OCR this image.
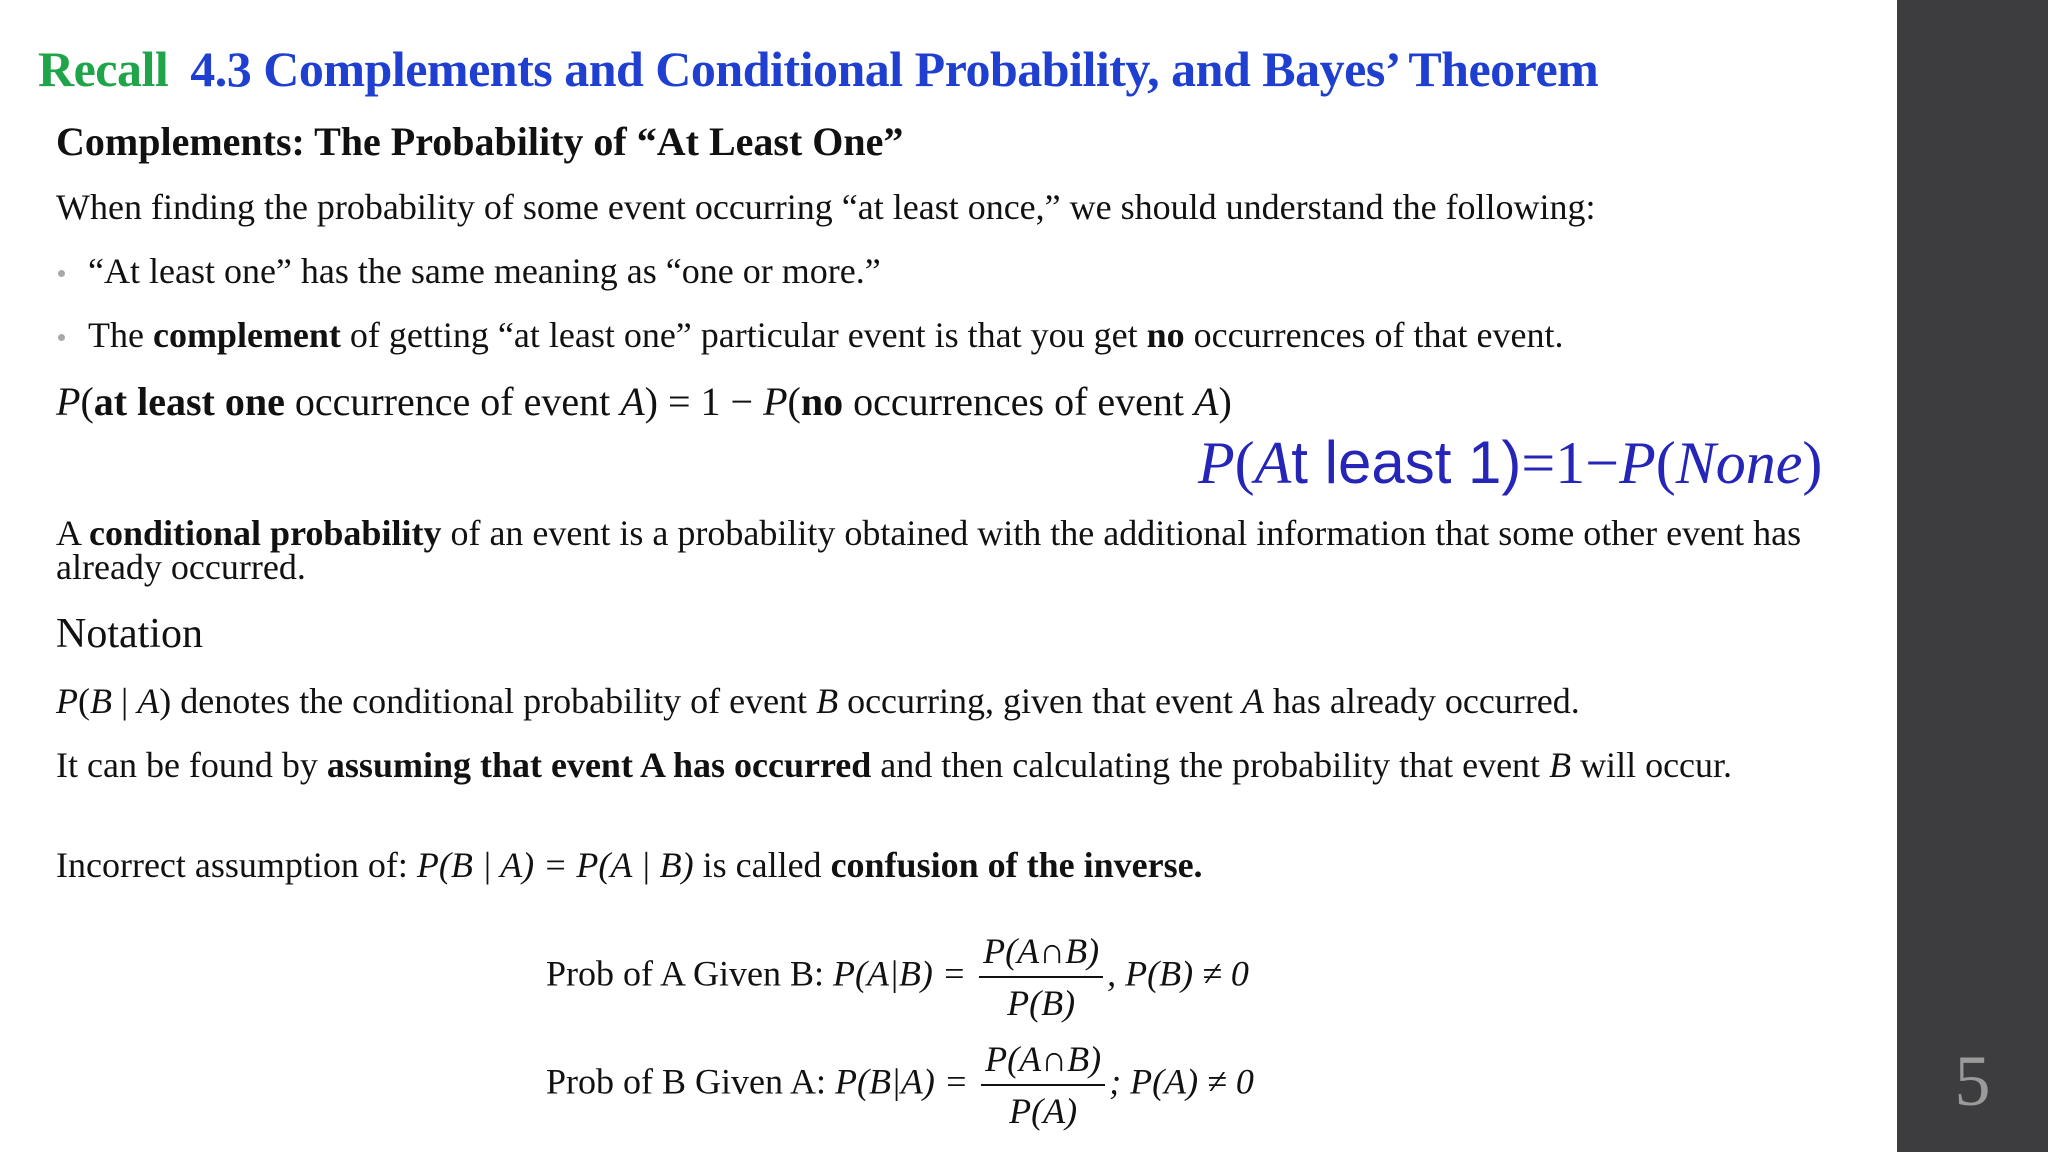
Recall 4.3 Complements and Conditional Probability, and Bayes’ Theorem
Complements: The Probability of “At Least One”
When finding the probability of some event occurring “at least once,” we should understand the following:
“At least one” has the same meaning as “one or more.”
The complement of getting “at least one” particular event is that you get no occurrences of that event.
P(at least one occurrence of event A) = 1 − P(no occurrences of event A)
P(At least 1)=1−P(None)
A conditional probability of an event is a probability obtained with the additional information that some other event has already occurred.
Notation
P(B | A) denotes the conditional probability of event B occurring, given that event A has already occurred.
It can be found by assuming that event A has occurred and then calculating the probability that event B will occur.
Incorrect assumption of: P(B | A) = P(A | B) is called confusion of the inverse.
Prob of A Given B: $P(A|B) = \frac{P(A\cap B)}{P(B)}$ , P(B) ≠ 0
Prob of B Given A: $P(B|A) = \frac{P(A\cap B)}{P(A)}$ ; P(A) ≠ 0	5
